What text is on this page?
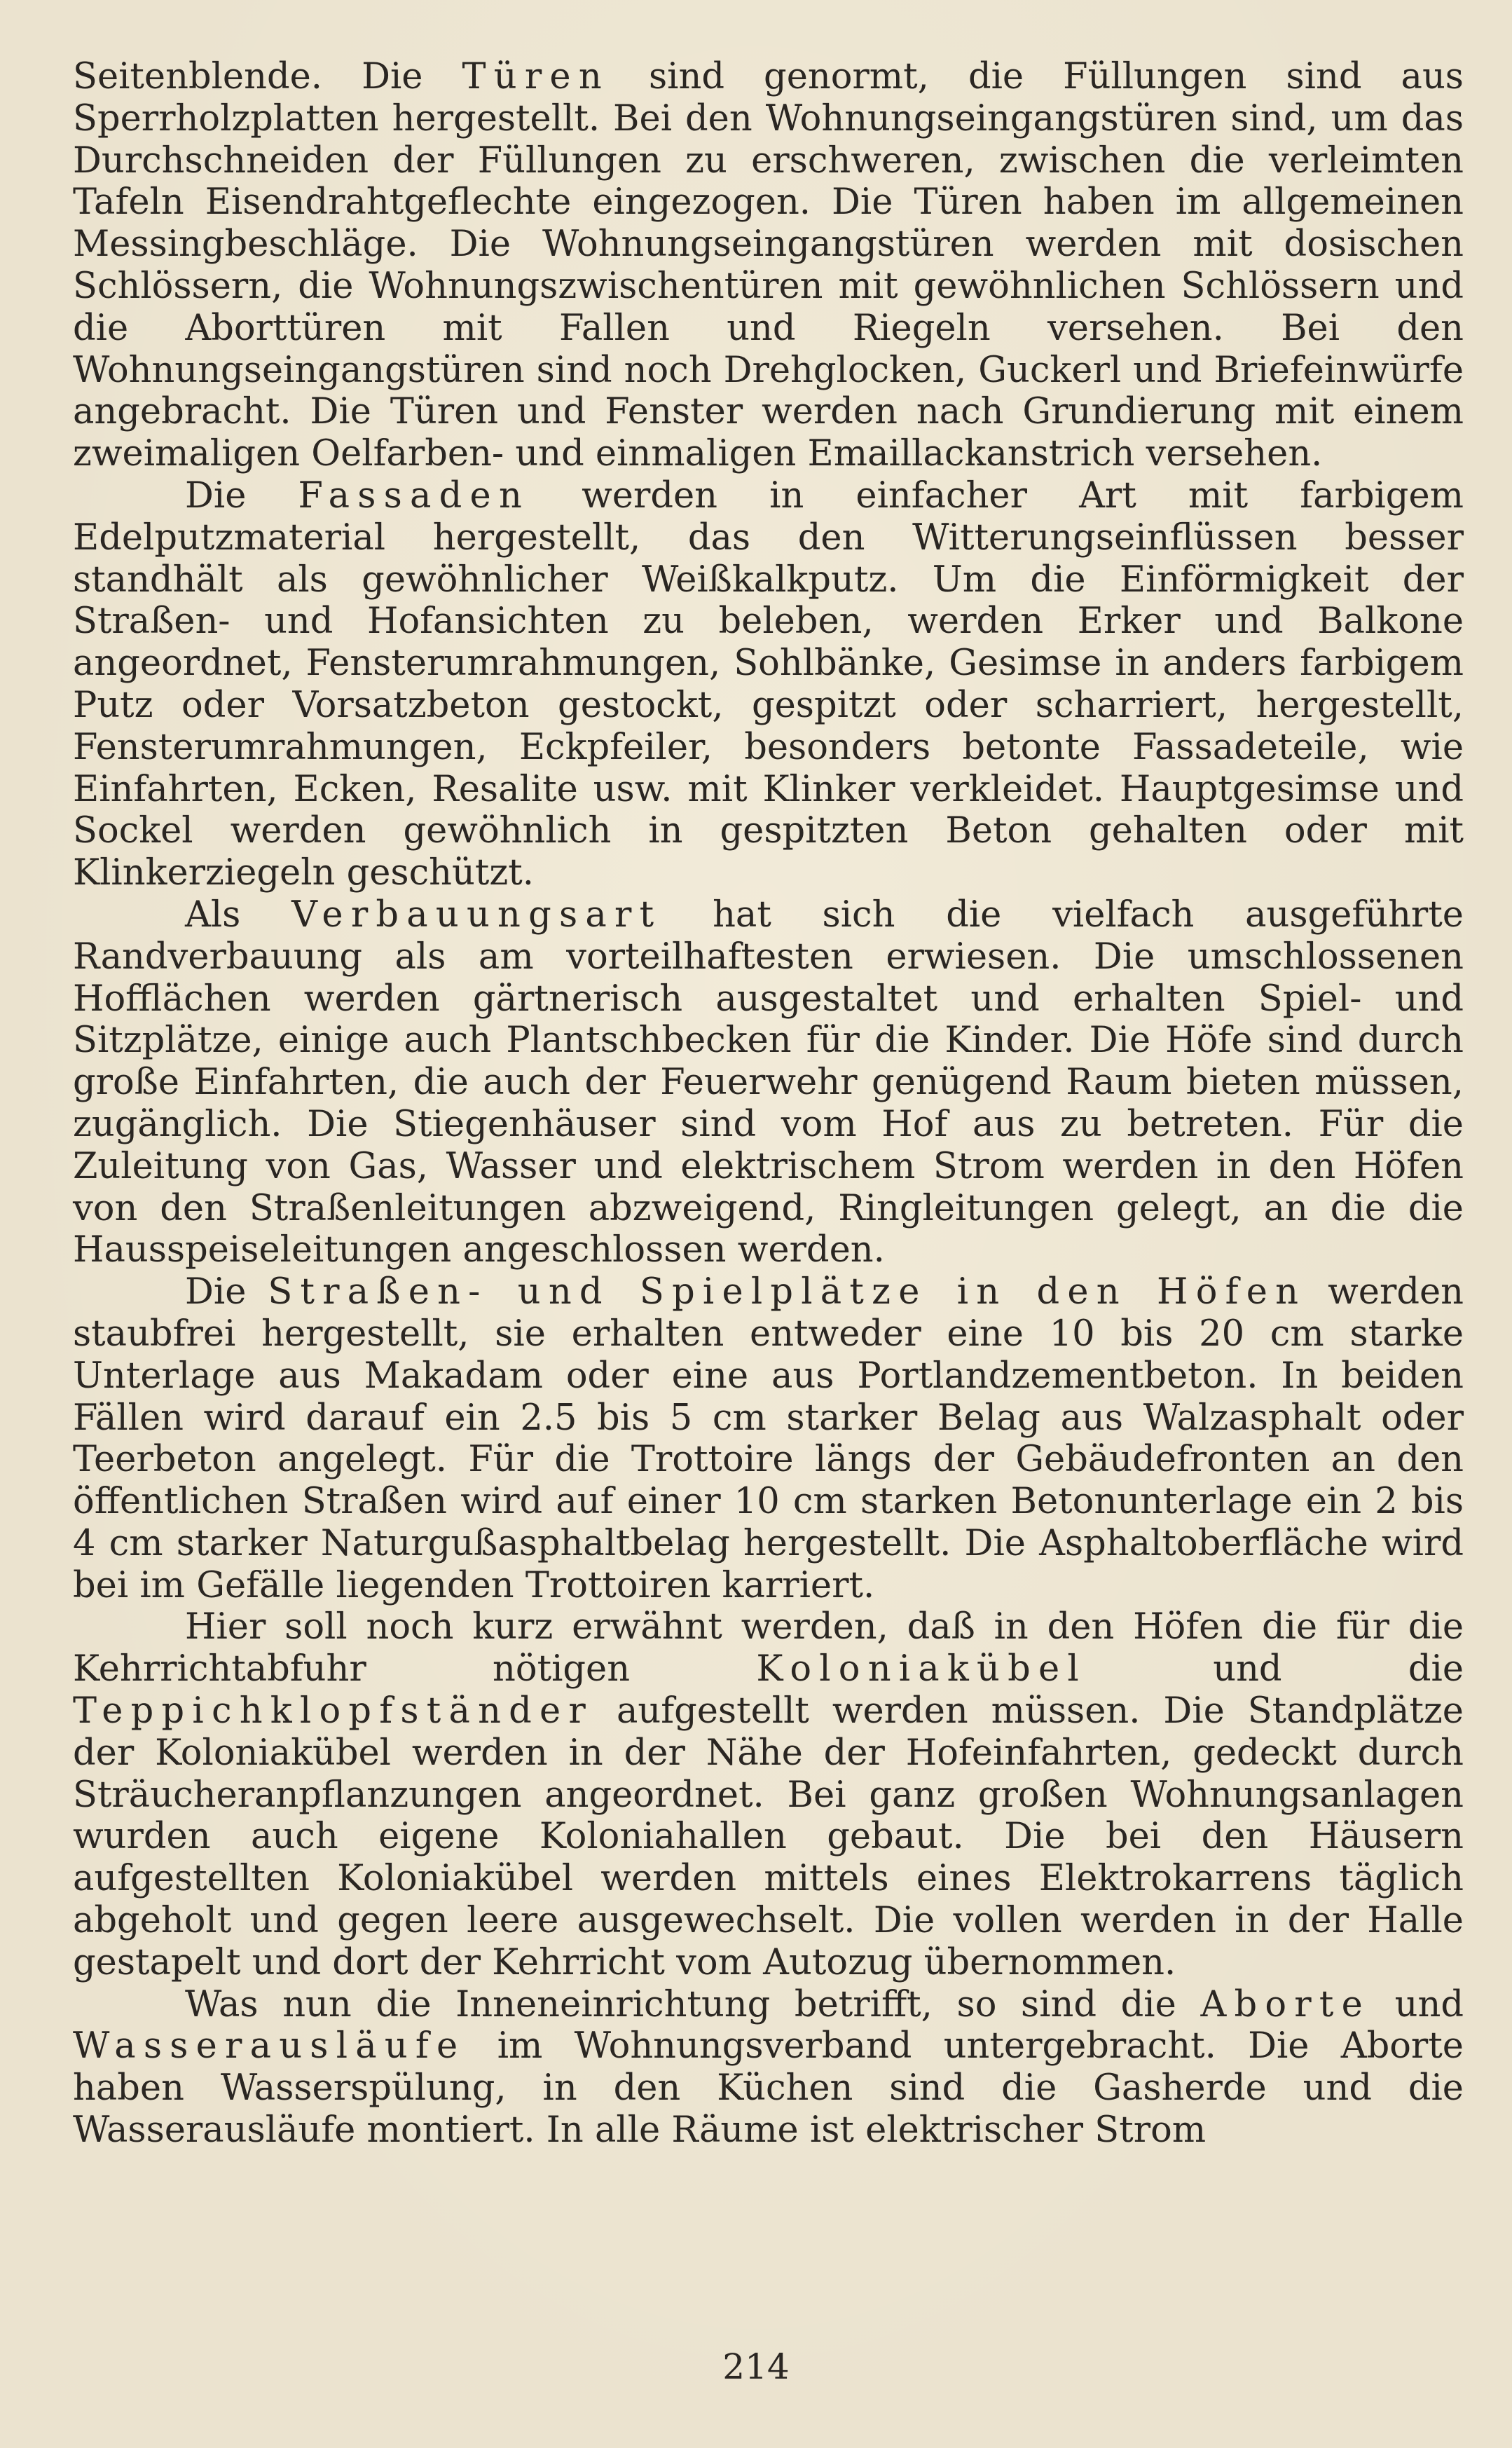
Seitenblende. Die Türen sind genormt, die Füllungen sind aus Sperrholzplatten hergestellt. Bei den Wohnungseingangstüren sind, um das Durchschneiden der Füllungen zu erschweren, zwischen die verleimten Tafeln Eisendrahtgeflechte eingezogen. Die Türen haben im allgemeinen Messingbeschläge. Die Wohnungseingangstüren werden mit dosischen Schlössern, die Wohnungszwischentüren mit gewöhnlichen Schlössern und die Aborttüren mit Fallen und Riegeln versehen. Bei den Wohnungseingangstüren sind noch Drehglocken, Guckerl und Briefeinwürfe angebracht. Die Türen und Fenster werden nach Grundierung mit einem zweimaligen Oelfarben- und einmaligen Emaillackanstrich versehen.

Die Fassaden werden in einfacher Art mit farbigem Edelputzmaterial hergestellt, das den Witterungseinflüssen besser standhält als gewöhnlicher Weißkalkputz. Um die Einförmigkeit der Straßen- und Hofansichten zu beleben, werden Erker und Balkone angeordnet, Fensterumrahmungen, Sohlbänke, Gesimse in anders farbigem Putz oder Vorsatzbeton gestockt, gespitzt oder scharriert, hergestellt, Fensterumrahmungen, Eckpfeiler, besonders betonte Fassadeteile, wie Einfahrten, Ecken, Resalite usw. mit Klinker verkleidet. Hauptgesimse und Sockel werden gewöhnlich in gespitzten Beton gehalten oder mit Klinkerziegeln geschützt.

Als Verbauungsart hat sich die vielfach ausgeführte Randverbauung als am vorteilhaftesten erwiesen. Die umschlossenen Hofflächen werden gärtnerisch ausgestaltet und erhalten Spiel- und Sitzplätze, einige auch Plantschbecken für die Kinder. Die Höfe sind durch große Einfahrten, die auch der Feuerwehr genügend Raum bieten müssen, zugänglich. Die Stiegenhäuser sind vom Hof aus zu betreten. Für die Zuleitung von Gas, Wasser und elektrischem Strom werden in den Höfen von den Straßenleitungen abzweigend, Ringleitungen gelegt, an die die Hausspeiseleitungen angeschlossen werden.

Die Straßen- und Spielplätze in den Höfen werden staubfrei hergestellt, sie erhalten entweder eine 10 bis 20 cm starke Unterlage aus Makadam oder eine aus Portlandzementbeton. In beiden Fällen wird darauf ein 2.5 bis 5 cm starker Belag aus Walzasphalt oder Teerbeton angelegt. Für die Trottoire längs der Gebäudefronten an den öffentlichen Straßen wird auf einer 10 cm starken Betonunterlage ein 2 bis 4 cm starker Naturgußasphaltbelag hergestellt. Die Asphaltoberfläche wird bei im Gefälle liegenden Trottoiren karriert.

Hier soll noch kurz erwähnt werden, daß in den Höfen die für die Kehrrichtabfuhr nötigen Koloniakübel und die Teppichklopfständer aufgestellt werden müssen. Die Standplätze der Koloniakübel werden in der Nähe der Hofeinfahrten, gedeckt durch Sträucheranpflanzungen angeordnet. Bei ganz großen Wohnungsanlagen wurden auch eigene Koloniahallen gebaut. Die bei den Häusern aufgestellten Koloniakübel werden mittels eines Elektrokarrens täglich abgeholt und gegen leere ausgewechselt. Die vollen werden in der Halle gestapelt und dort der Kehrricht vom Autozug übernommen.

Was nun die Inneneinrichtung betrifft, so sind die Aborte und Wasserausläufe im Wohnungsverband untergebracht. Die Aborte haben Wasserspülung, in den Küchen sind die Gasherde und die Wasserausläufe montiert. In alle Räume ist elektrischer Strom

214
